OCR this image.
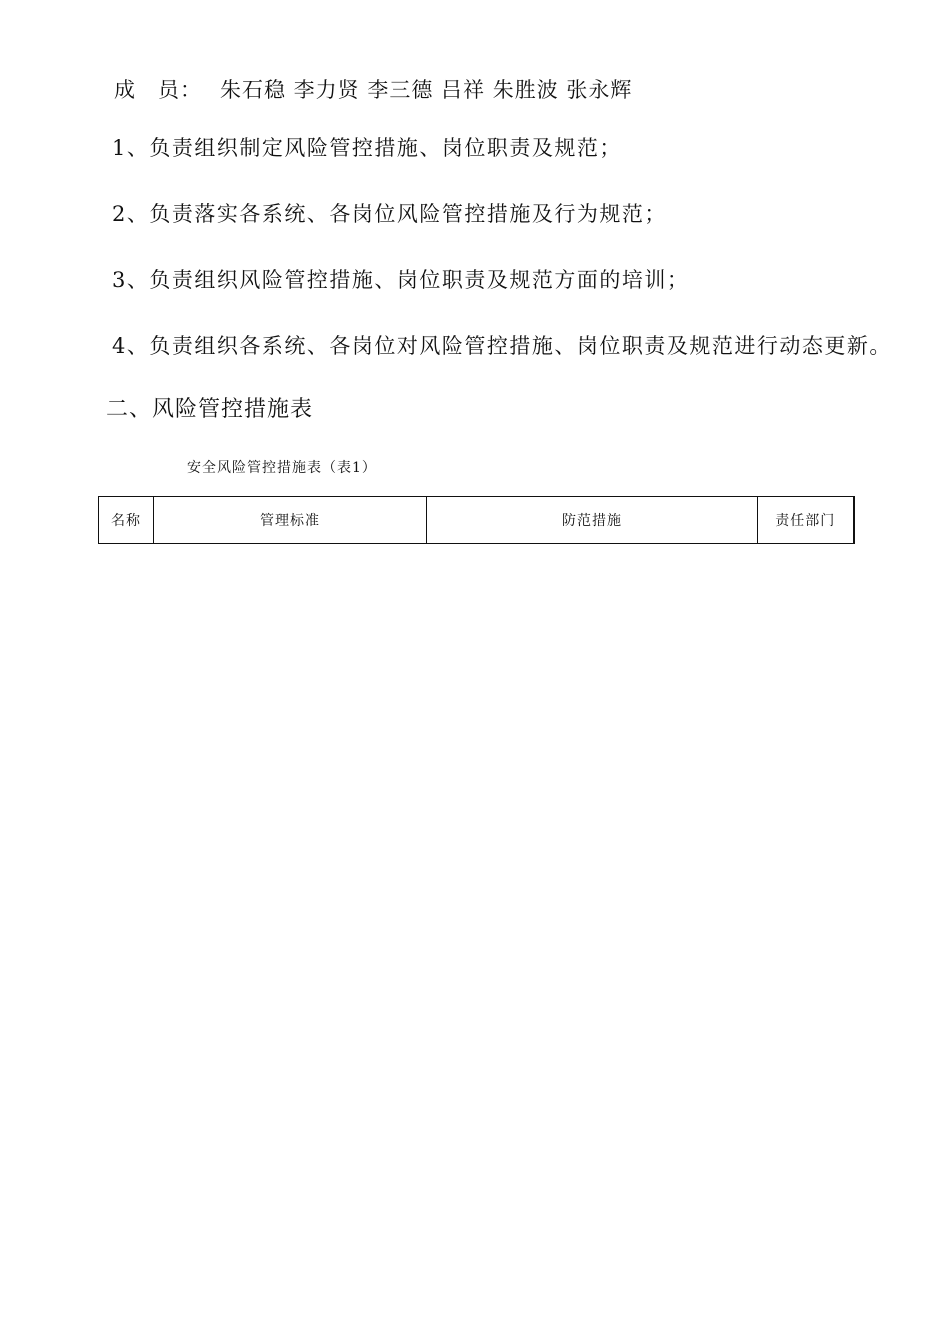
成　员： 朱石稳 李力贤 李三德 吕祥 朱胜波 张永辉
1、负责组织制定风险管控措施、岗位职责及规范；
2、负责落实各系统、各岗位风险管控措施及行为规范；
3、负责组织风险管控措施、岗位职责及规范方面的培训；
4、负责组织各系统、各岗位对风险管控措施、岗位职责及规范进行动态更新。
二、风险管控措施表
安全风险管控措施表（表1）
名称	管理标准	防范措施	责任部门
